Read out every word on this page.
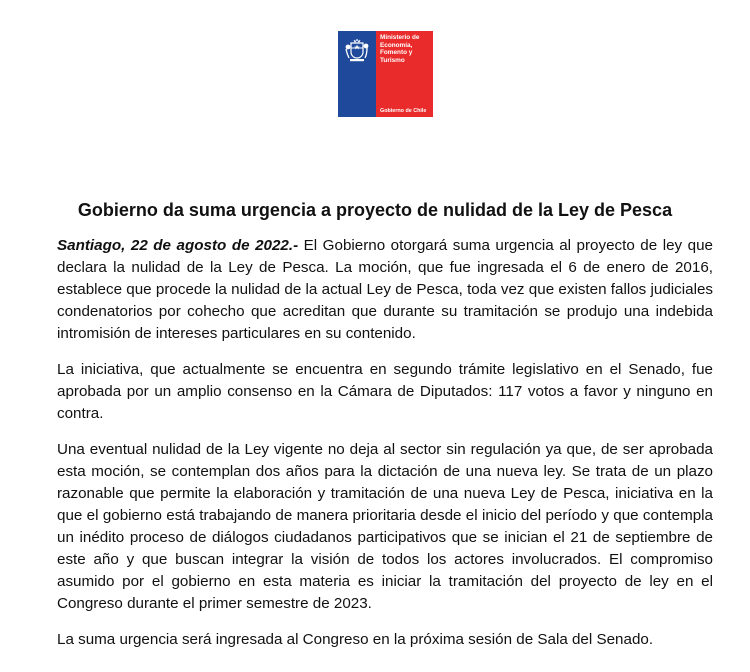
Ministerio de
Economía,
Fomento y
Turismo
Gobierno de Chile
Gobierno da suma urgencia a proyecto de nulidad de la Ley de Pesca

Santiago, 22 de agosto de 2022.- El Gobierno otorgará suma urgencia al proyecto de ley que declara la nulidad de la Ley de Pesca. La moción, que fue ingresada el 6 de enero de 2016, establece que procede la nulidad de la actual Ley de Pesca, toda vez que existen fallos judiciales condenatorios por cohecho que acreditan que durante su tramitación se produjo una indebida intromisión de intereses particulares en su contenido.

La iniciativa, que actualmente se encuentra en segundo trámite legislativo en el Senado, fue aprobada por un amplio consenso en la Cámara de Diputados: 117 votos a favor y ninguno en contra.

Una eventual nulidad de la Ley vigente no deja al sector sin regulación ya que, de ser aprobada esta moción, se contemplan dos años para la dictación de una nueva ley. Se trata de un plazo razonable que permite la elaboración y tramitación de una nueva Ley de Pesca, iniciativa en la que el gobierno está trabajando de manera prioritaria desde el inicio del período y que contempla un inédito proceso de diálogos ciudadanos participativos que se inician el 21 de septiembre de este año y que buscan integrar la visión de todos los actores involucrados. El compromiso asumido por el gobierno en esta materia es iniciar la tramitación del proyecto de ley en el Congreso durante el primer semestre de 2023.

La suma urgencia será ingresada al Congreso en la próxima sesión de Sala del Senado.
